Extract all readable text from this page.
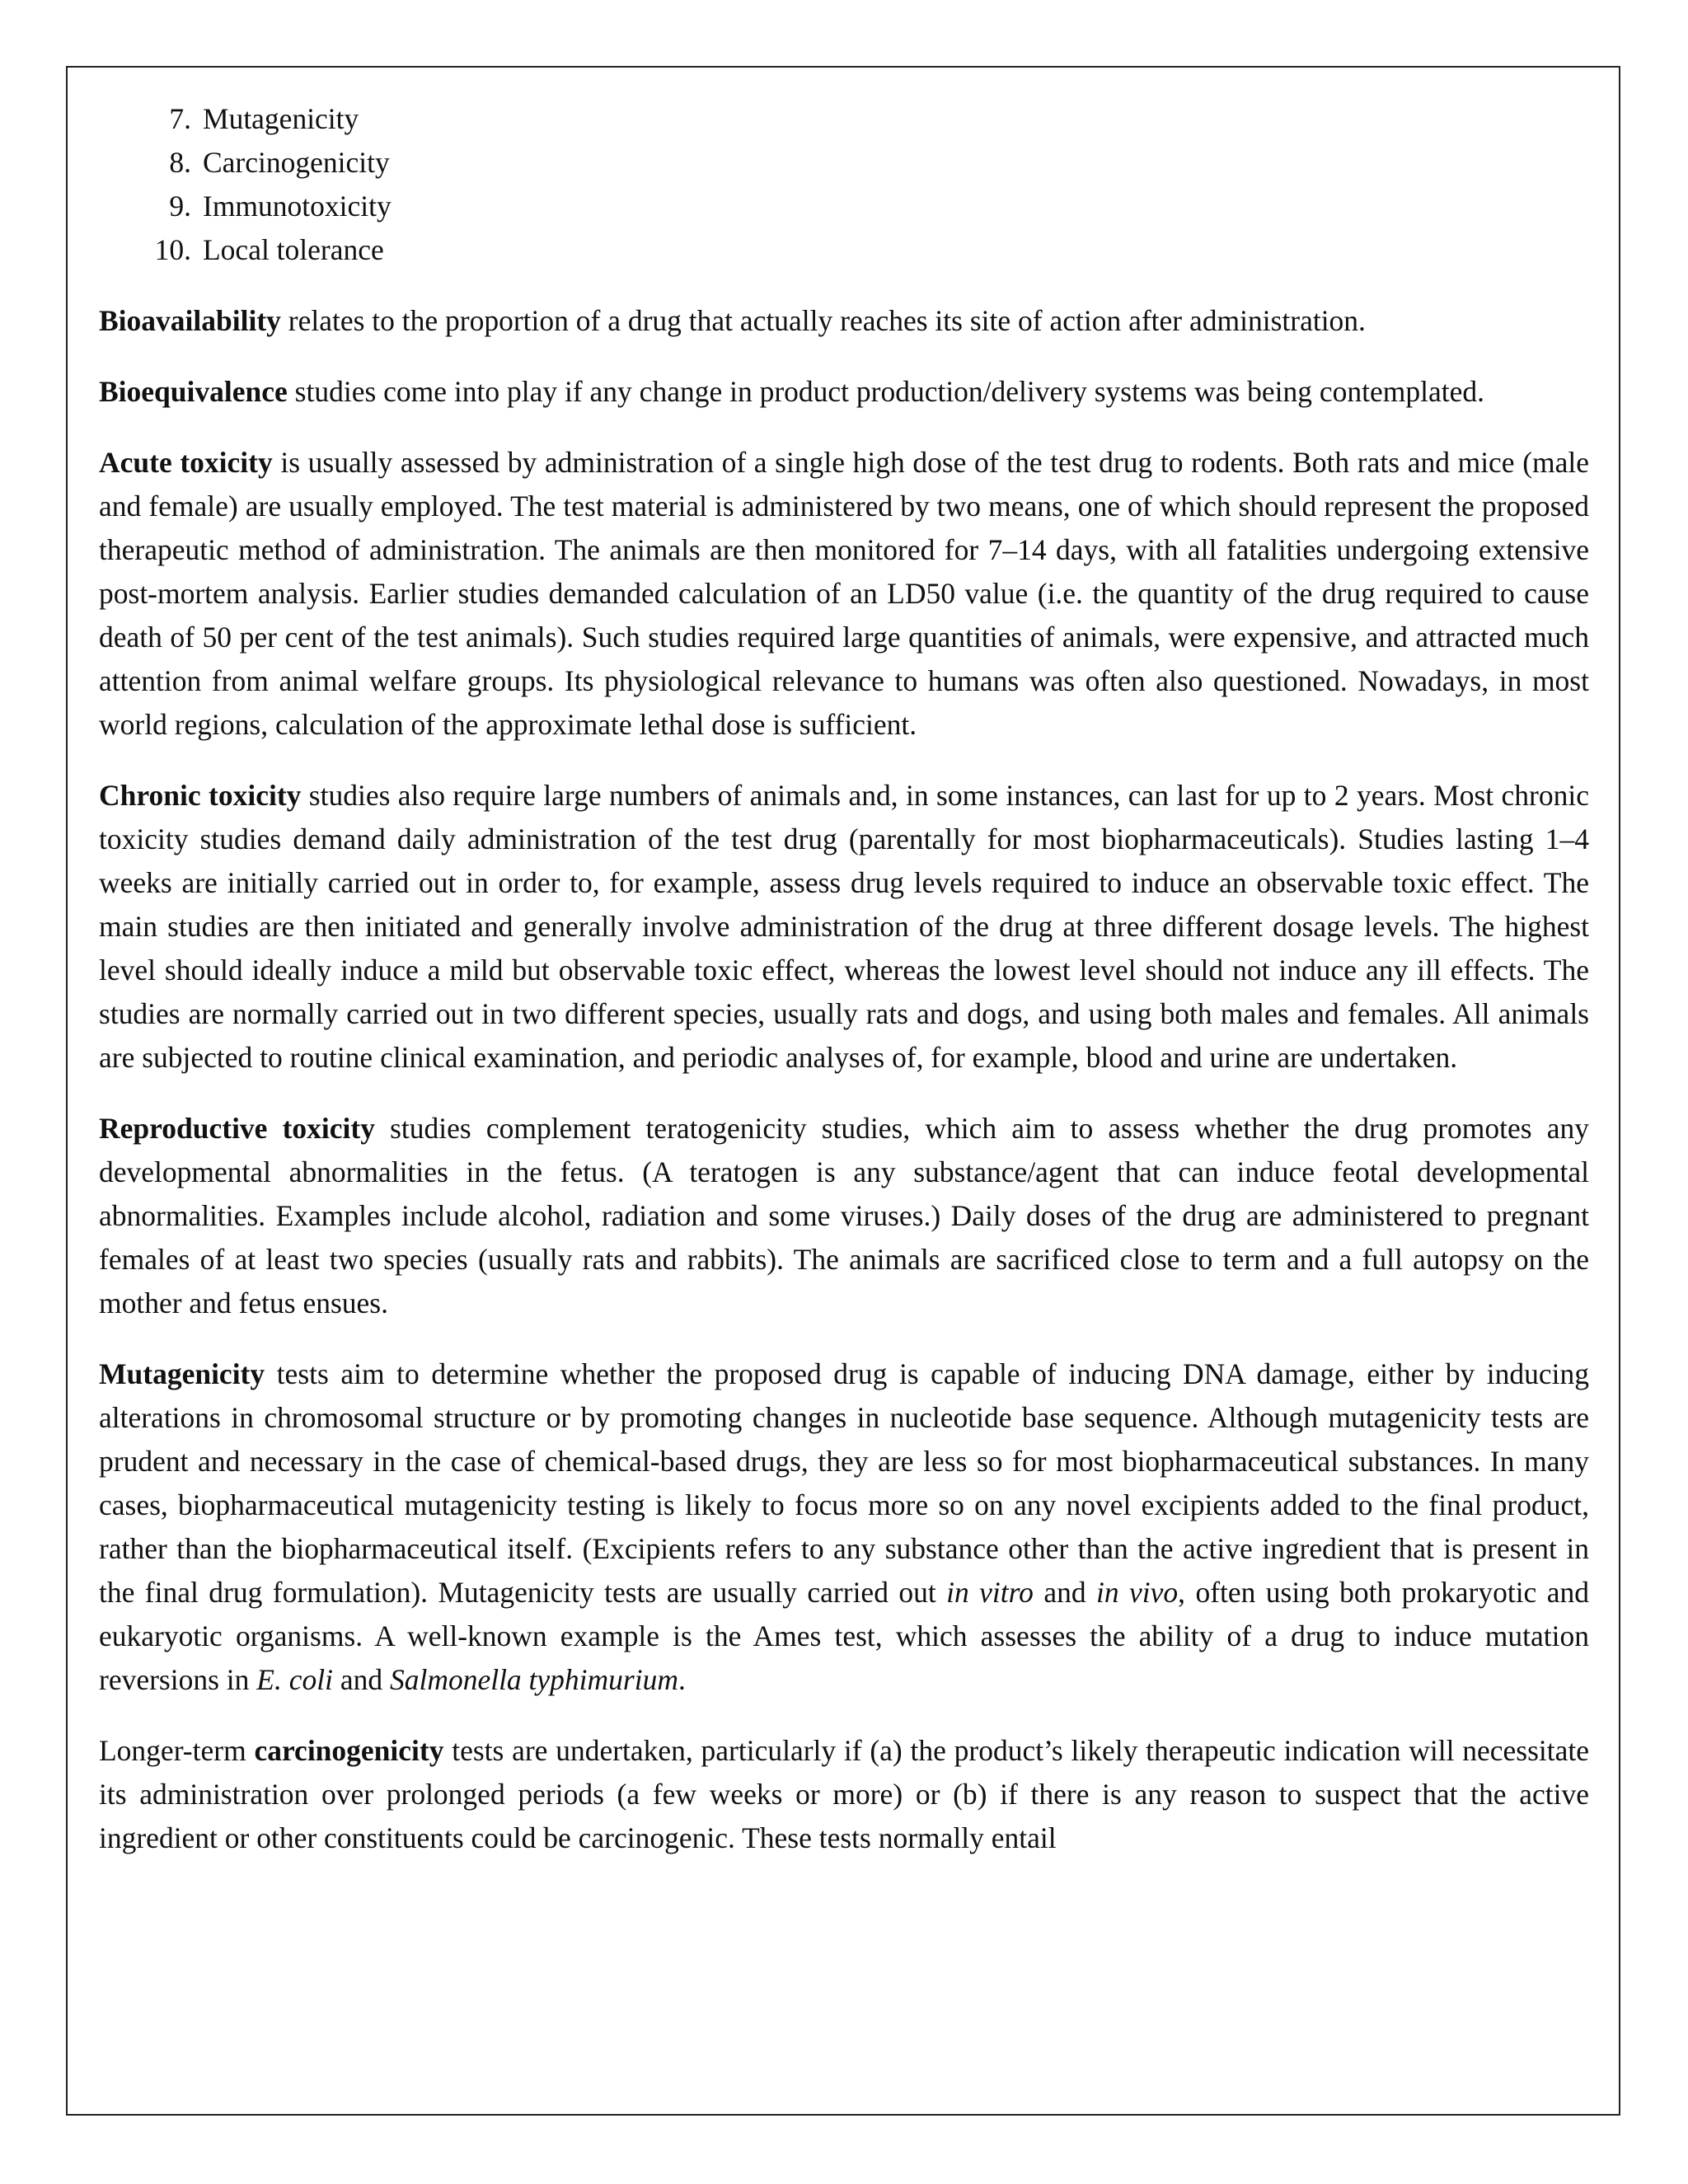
7. Mutagenicity
8. Carcinogenicity
9. Immunotoxicity
10. Local tolerance

Bioavailability relates to the proportion of a drug that actually reaches its site of action after administration.

Bioequivalence studies come into play if any change in product production/delivery systems was being contemplated.

Acute toxicity is usually assessed by administration of a single high dose of the test drug to rodents. Both rats and mice (male and female) are usually employed. The test material is administered by two means, one of which should represent the proposed therapeutic method of administration. The animals are then monitored for 7–14 days, with all fatalities undergoing extensive post-mortem analysis. Earlier studies demanded calculation of an LD50 value (i.e. the quantity of the drug required to cause death of 50 per cent of the test animals). Such studies required large quantities of animals, were expensive, and attracted much attention from animal welfare groups. Its physiological relevance to humans was often also questioned. Nowadays, in most world regions, calculation of the approximate lethal dose is sufficient.

Chronic toxicity studies also require large numbers of animals and, in some instances, can last for up to 2 years. Most chronic toxicity studies demand daily administration of the test drug (parentally for most biopharmaceuticals). Studies lasting 1–4 weeks are initially carried out in order to, for example, assess drug levels required to induce an observable toxic effect. The main studies are then initiated and generally involve administration of the drug at three different dosage levels. The highest level should ideally induce a mild but observable toxic effect, whereas the lowest level should not induce any ill effects. The studies are normally carried out in two different species, usually rats and dogs, and using both males and females. All animals are subjected to routine clinical examination, and periodic analyses of, for example, blood and urine are undertaken.

Reproductive toxicity studies complement teratogenicity studies, which aim to assess whether the drug promotes any developmental abnormalities in the fetus. (A teratogen is any substance/agent that can induce feotal developmental abnormalities. Examples include alcohol, radiation and some viruses.) Daily doses of the drug are administered to pregnant females of at least two species (usually rats and rabbits). The animals are sacrificed close to term and a full autopsy on the mother and fetus ensues.

Mutagenicity tests aim to determine whether the proposed drug is capable of inducing DNA damage, either by inducing alterations in chromosomal structure or by promoting changes in nucleotide base sequence. Although mutagenicity tests are prudent and necessary in the case of chemical-based drugs, they are less so for most biopharmaceutical substances. In many cases, biopharmaceutical mutagenicity testing is likely to focus more so on any novel excipients added to the final product, rather than the biopharmaceutical itself. (Excipients refers to any substance other than the active ingredient that is present in the final drug formulation). Mutagenicity tests are usually carried out in vitro and in vivo, often using both prokaryotic and eukaryotic organisms. A well-known example is the Ames test, which assesses the ability of a drug to induce mutation reversions in E. coli and Salmonella typhimurium.

Longer-term carcinogenicity tests are undertaken, particularly if (a) the product’s likely therapeutic indication will necessitate its administration over prolonged periods (a few weeks or more) or (b) if there is any reason to suspect that the active ingredient or other constituents could be carcinogenic. These tests normally entail
